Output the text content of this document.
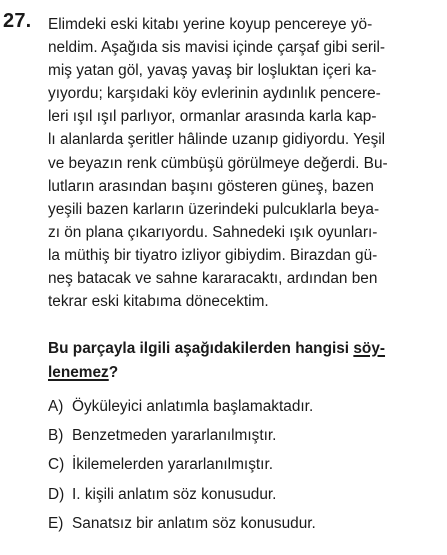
27. Elimdeki eski kitabı yerine koyup pencereye yö-
neldim. Aşağıda sis mavisi içinde çarşaf gibi seril-
miş yatan göl, yavaş yavaş bir loşluktan içeri ka-
yıyordu; karşıdaki köy evlerinin aydınlık pencere-
leri ışıl ışıl parlıyor, ormanlar arasında karla kap-
lı alanlarda şeritler hâlinde uzanıp gidiyordu. Yeşil
ve beyazın renk cümbüşü görülmeye değerdi. Bu-
lutların arasından başını gösteren güneş, bazen
yeşili bazen karların üzerindeki pulcuklarla beya-
zı ön plana çıkarıyordu. Sahnedeki ışık oyunları-
la müthiş bir tiyatro izliyor gibiydim. Birazdan gü-
neş batacak ve sahne kararacaktı, ardından ben
tekrar eski kitabıma dönecektim.
Bu parçayla ilgili aşağıdakilerden hangisi söy-
lenemez?
A) Öyküleyici anlatımla başlamaktadır.
B) Benzetmeden yararlanılmıştır.
C) İkilemelerden yararlanılmıştır.
D) I. kişili anlatım söz konusudur.
E) Sanatsız bir anlatım söz konusudur.
